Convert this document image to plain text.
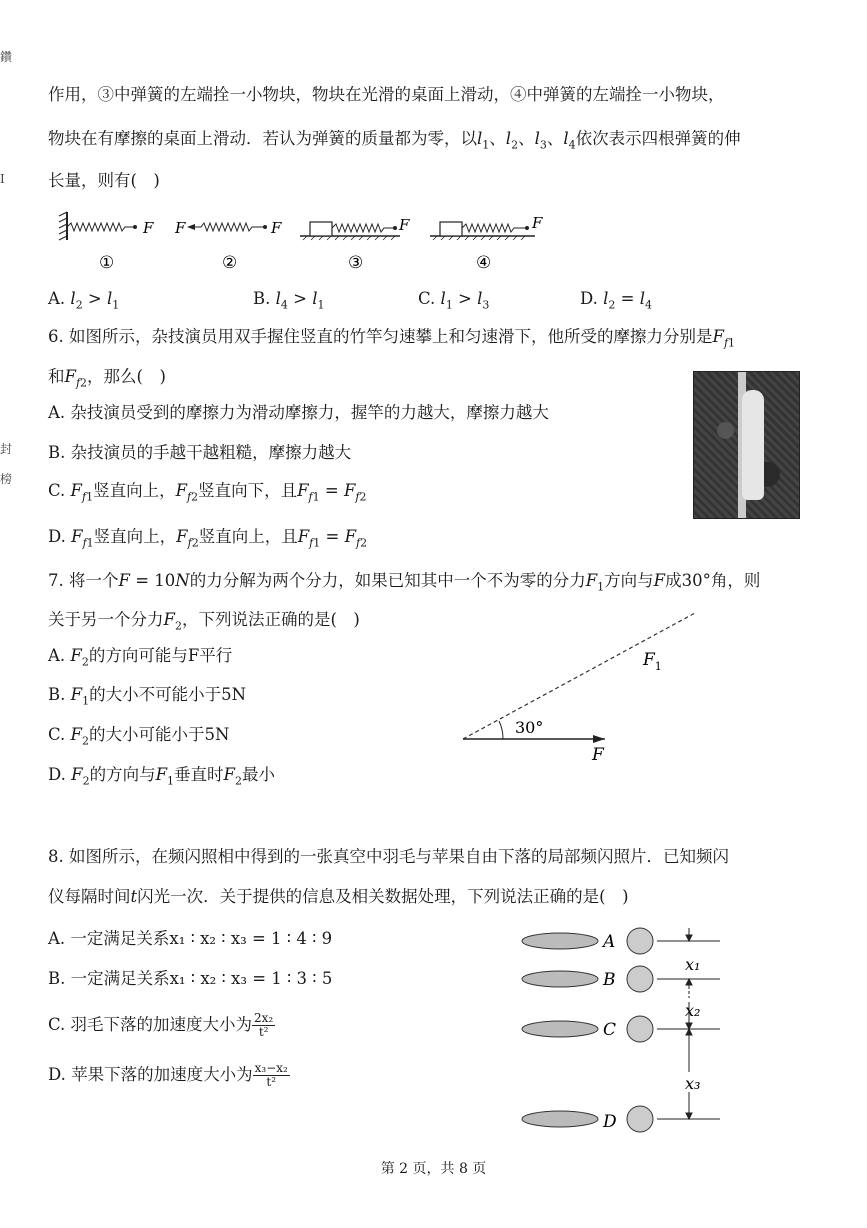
鑽
I
封
榜
作用，③中弹簧的左端拴一小物块，物块在光滑的桌面上滑动，④中弹簧的左端拴一小物块，
物块在有摩擦的桌面上滑动．若认为弹簧的质量都为零，以$l_1$、$l_2$、$l_3$、$l_4$依次表示四根弹簧的伸
长量，则有(　)
F F	F	F	F
①	②	③	④
A. $l_2 > l_1$	B. $l_4 > l_1$	C. $l_1 > l_3$	D. $l_2 = l_4$
6. 如图所示，杂技演员用双手握住竖直的竹竿匀速攀上和匀速滑下，他所受的摩擦力分别是$F_{f1}$
和$F_{f2}$，那么(　)
A. 杂技演员受到的摩擦力为滑动摩擦力，握竿的力越大，摩擦力越大
B. 杂技演员的手越干越粗糙，摩擦力越大
C. $F_{f1}$竖直向上，$F_{f2}$竖直向下，且$F_{f1} = F_{f2}$
D. $F_{f1}$竖直向上，$F_{f2}$竖直向上，且$F_{f1} = F_{f2}$
7. 将一个F = 10N的力分解为两个分力，如果已知其中一个不为零的分力$F_1$方向与F成30°角，则
关于另一个分力$F_2$，下列说法正确的是(　)
A. $F_2$的方向可能与F平行
B. $F_1$的大小不可能小于5N
C. $F_2$的大小可能小于5N
D. $F_2$的方向与$F_1$垂直时$F_2$最小
30°
$F_1$
F
8. 如图所示，在频闪照相中得到的一张真空中羽毛与苹果自由下落的局部频闪照片．已知频闪
仪每隔时间t闪光一次．关于提供的信息及相关数据处理，下列说法正确的是(　)
A. 一定满足关系x₁ ∶ x₂ ∶ x₃ = 1 ∶ 4 ∶ 9
B. 一定满足关系x₁ ∶ x₂ ∶ x₃ = 1 ∶ 3 ∶ 5
C. 羽毛下落的加速度大小为 $\frac{\text{2x₂}}{\text{t²}}$
D. 苹果下落的加速度大小为 $\frac{\text{x₃−x₂}}{\text{t²}}$
A
B
C
D
x₁
x₂
x₃
第 2 页，共 8 页
